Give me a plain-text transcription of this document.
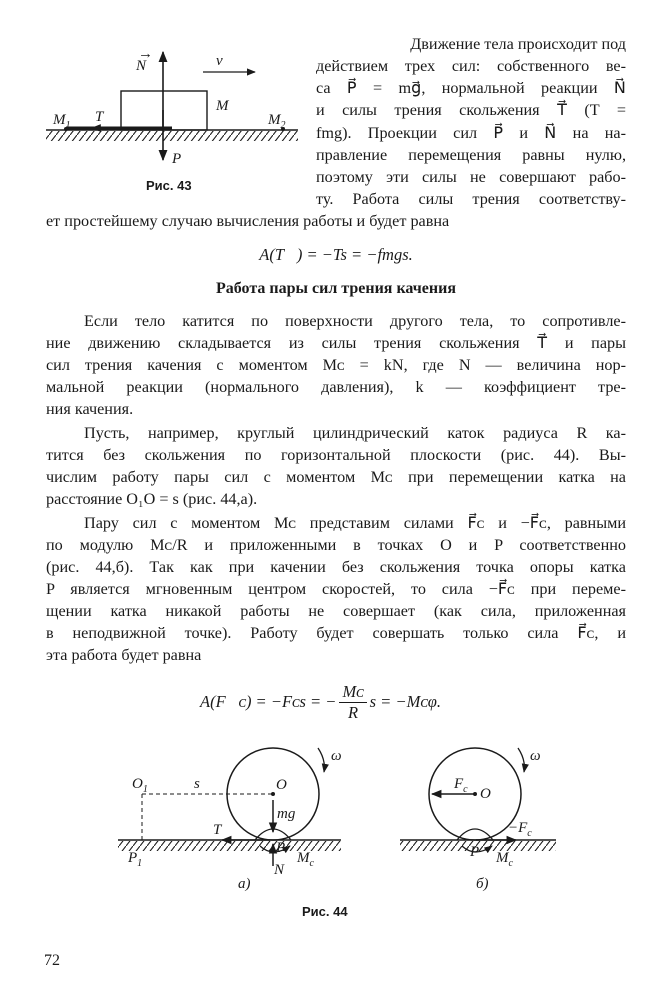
N
→	v
M
$M_1$	$M_2$
T
P
Рис. 43
Движение тела происходит под
действием трех сил: собственного ве-
са P⃗ = mg⃗, нормальной реакции N⃗
и силы трения скольжения T⃗ (T =
fmg). Проекции сил P⃗ и N⃗ на на-
правление перемещения равны нулю,
поэтому эти силы не совершают рабо-
ту. Работа силы трения соответству-
ет простейшему случаю вычисления работы и будет равна
A(T⃗) = −Ts = −fmgs.
Работа пары сил трения качения
Если тело катится по поверхности другого тела, то сопротивле-
ние движению складывается из силы трения скольжения T⃗ и пары
сил трения качения с моментом Mᴄ = kN, где N — величина нор-
мальной реакции (нормального давления), k — коэффициент тре-
ния качения.
Пусть, например, круглый цилиндрический каток радиуса R ка-
тится без скольжения по горизонтальной плоскости (рис. 44). Вы-
числим работу пары сил с моментом Mᴄ при перемещении катка на
расстояние O₁O = s (рис. 44,а).
Пару сил с моментом Mᴄ представим силами F⃗ᴄ и −F⃗ᴄ, равными
по модулю Mᴄ/R и приложенными в точках O и P соответственно
(рис. 44,б). Так как при качении без скольжения точка опоры катка
P является мгновенным центром скоростей, то сила −F⃗ᴄ при переме-
щении катка никакой работы не совершает (как сила, приложенная
в неподвижной точке). Работу будет совершать только сила F⃗ᴄ, и
эта работа будет равна
A(F⃗ᴄ) = −Fᴄs = − $\frac{\text{Mᴄ}}{R}$ s = −Mᴄφ.
$O_1$	s	O
mg
T
P
$P_1$	N
$M_c$
ω
а)
$F_c$ O
$-F_c$
P $M_c$
ω
б)
Рис. 44
72
